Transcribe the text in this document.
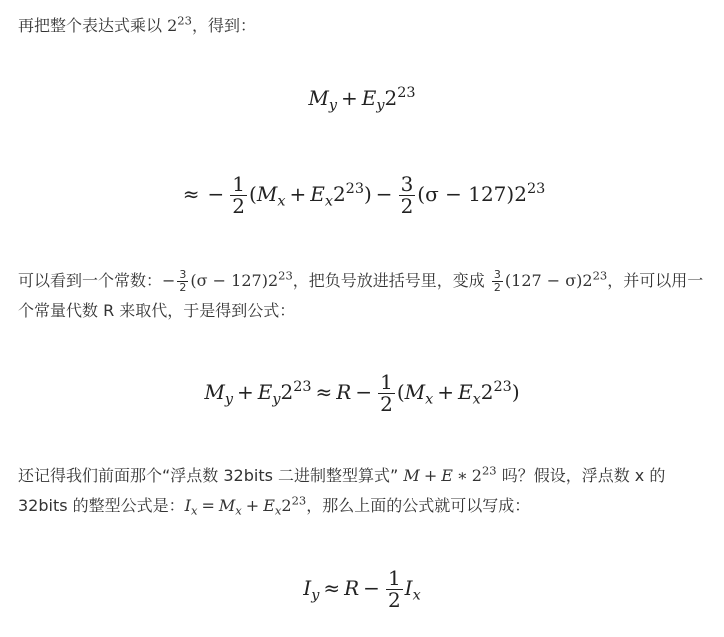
再把整个表达式乘以 $2^{23}$，得到：
$M_y + E_y2^{23}$
≈ − $\frac{1}{2} (M_x + E_x2^{23}) - \frac{3}{2} (\sigma - 127)2^{23}$
可以看到一个常数：− $\frac{3}{2} (\sigma - 127)2^{23}$，把负号放进括号里，变成 $\frac{3}{2} (127 - \sigma)2^{23}$，并可以用一个常量代数 R 来取代，于是得到公式：
$M_y + E_y2^{23} \approx R - \frac{1}{2} (M_x + E_x2^{23})$
还记得我们前面那个“浮点数 32bits 二进制整型算式” M + E ∗ $2^{23}$ 吗？假设，浮点数 x 的 32bits 的整型公式是：$I_x = M_x + E_x2^{23}$，那么上面的公式就可以写成：
$I_y \approx R - \frac{1}{2} I_x$
